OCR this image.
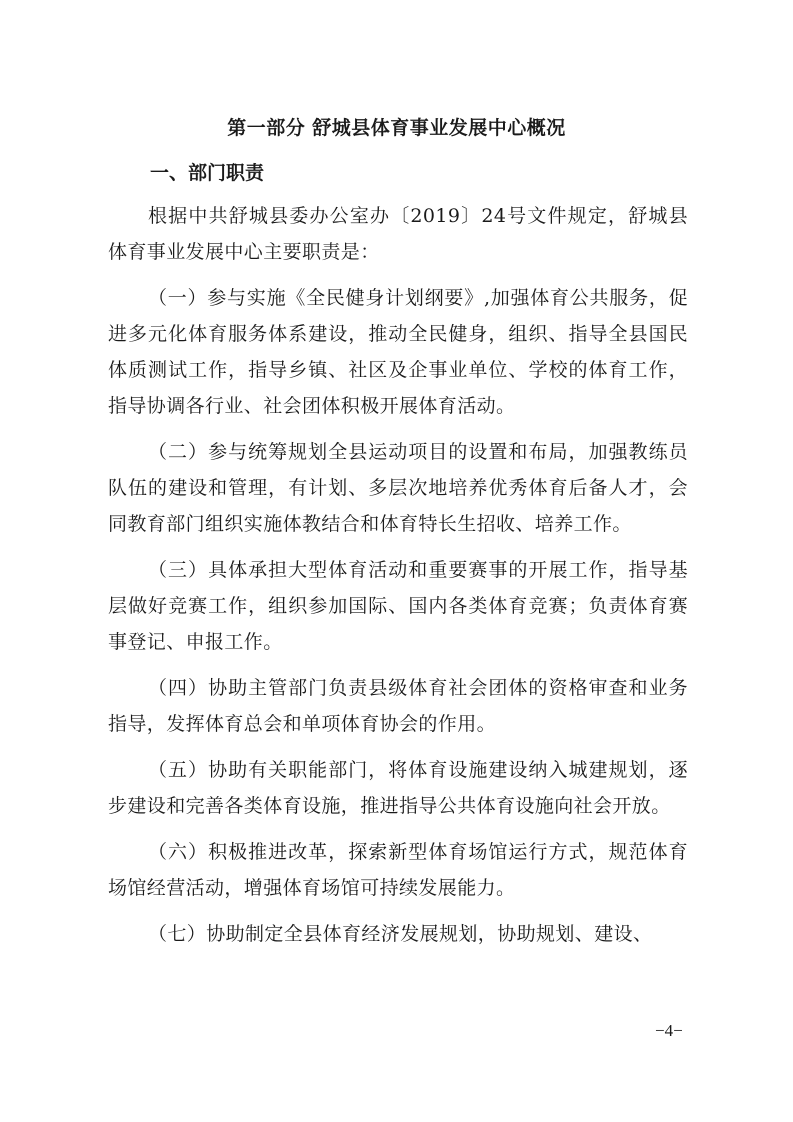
第一部分 舒城县体育事业发展中心概况
一、部门职责

根据中共舒城县委办公室办〔2019〕24号文件规定，舒城县体育事业发展中心主要职责是：

（一）参与实施《全民健身计划纲要》,加强体育公共服务，促进多元化体育服务体系建设，推动全民健身，组织、指导全县国民体质测试工作，指导乡镇、社区及企事业单位、学校的体育工作，指导协调各行业、社会团体积极开展体育活动。

（二）参与统筹规划全县运动项目的设置和布局，加强教练员队伍的建设和管理，有计划、多层次地培养优秀体育后备人才，会同教育部门组织实施体教结合和体育特长生招收、培养工作。

（三）具体承担大型体育活动和重要赛事的开展工作，指导基层做好竞赛工作，组织参加国际、国内各类体育竞赛；负责体育赛事登记、申报工作。

（四）协助主管部门负责县级体育社会团体的资格审查和业务指导，发挥体育总会和单项体育协会的作用。

（五）协助有关职能部门，将体育设施建设纳入城建规划，逐步建设和完善各类体育设施，推进指导公共体育设施向社会开放。

（六）积极推进改革，探索新型体育场馆运行方式，规范体育场馆经营活动，增强体育场馆可持续发展能力。

（七）协助制定全县体育经济发展规划，协助规划、建设、

−4−
